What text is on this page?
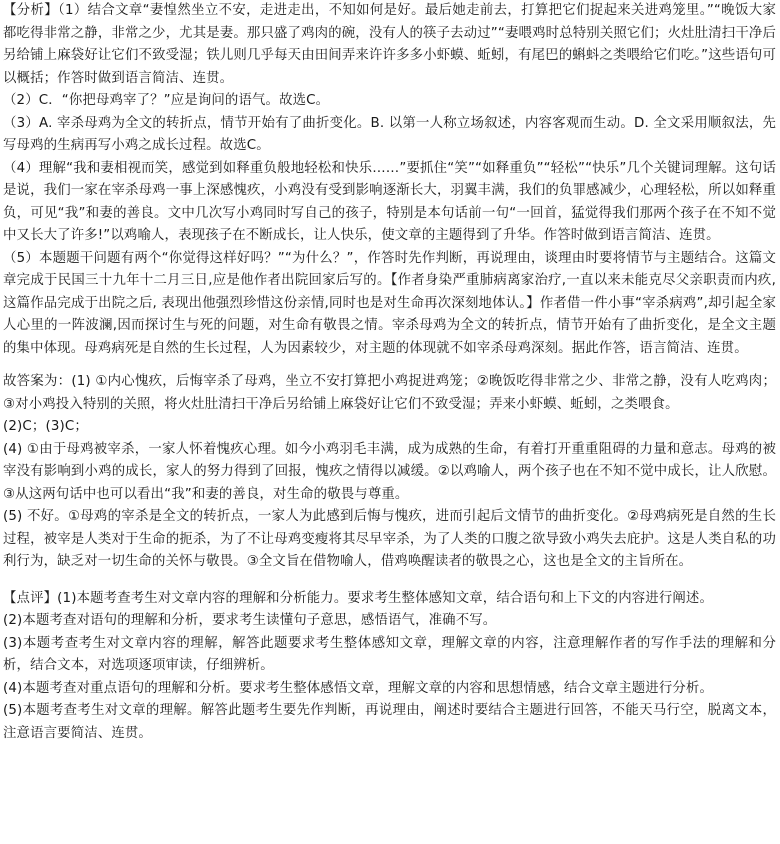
【分析】（1）结合文章“妻惶然坐立不安，走进走出，不知如何是好。最后她走前去，打算把它们捉起来关进鸡笼里。”“晚饭大家都吃得非常之静，非常之少，尤其是妻。那只盛了鸡肉的碗，没有人的筷子去动过”“妻喂鸡时总特别关照它们；火灶肚清扫干净后另给铺上麻袋好让它们不致受湿；铁儿则几乎每天由田间弄来许许多多小虾蟆、蚯蚓，有尾巴的蝌蚪之类喂给它们吃。”这些语句可以概括；作答时做到语言简洁、连贯。

（2）C．“你把母鸡宰了？”应是询问的语气。故选C。

（3）A. 宰杀母鸡为全文的转折点，情节开始有了曲折变化。B. 以第一人称立场叙述，内容客观而生动。D. 全文采用顺叙法，先写母鸡的生病再写小鸡之成长过程。故选C。

（4）理解“我和妻相视而笑，感觉到如释重负般地轻松和快乐……”要抓住“笑”“如释重负”“轻松”“快乐”几个关键词理解。这句话是说，我们一家在宰杀母鸡一事上深感愧疚，小鸡没有受到影响逐渐长大，羽翼丰满，我们的负罪感减少，心理轻松，所以如释重负，可见“我”和妻的善良。文中几次写小鸡同时写自己的孩子，特别是本句话前一句“一回首，猛觉得我们那两个孩子在不知不觉中又长大了许多!”以鸡喻人，表现孩子在不断成长，让人快乐，使文章的主题得到了升华。作答时做到语言简洁、连贯。

（5）本题题干问题有两个“你觉得这样好吗？”“为什么？”，作答时先作判断，再说理由，谈理由时要将情节与主题结合。这篇文章完成于民国三十九年十二月三日,应是他作者出院回家后写的。【作者身染严重肺病离家治疗,一直以来未能克尽父亲职责而内疚,这篇作品完成于出院之后, 表现出他强烈珍惜这份亲情,同时也是对生命再次深刻地体认。】作者借一件小事“宰杀病鸡”,却引起全家人心里的一阵波澜,因而探讨生与死的问题，对生命有敬畏之情。宰杀母鸡为全文的转折点，情节开始有了曲折变化，是全文主题的集中体现。母鸡病死是自然的生长过程，人为因素较少，对主题的体现就不如宰杀母鸡深刻。据此作答，语言简洁、连贯。

故答案为：(1) ①内心愧疚，后悔宰杀了母鸡，坐立不安打算把小鸡捉进鸡笼；②晚饭吃得非常之少、非常之静，没有人吃鸡肉；③对小鸡投入特别的关照，将火灶肚清扫干净后另给铺上麻袋好让它们不致受湿；弄来小虾蟆、蚯蚓，之类喂食。

(2)C；(3)C；

(4) ①由于母鸡被宰杀，一家人怀着愧疚心理。如今小鸡羽毛丰满，成为成熟的生命，有着打开重重阻碍的力量和意志。母鸡的被宰没有影响到小鸡的成长，家人的努力得到了回报，愧疚之情得以减缓。②以鸡喻人，两个孩子也在不知不觉中成长，让人欣慰。③从这两句话中也可以看出“我”和妻的善良，对生命的敬畏与尊重。

(5) 不好。①母鸡的宰杀是全文的转折点，一家人为此感到后悔与愧疚，进而引起后文情节的曲折变化。②母鸡病死是自然的生长过程，被宰是人类对于生命的扼杀，为了不让母鸡变瘦将其尽早宰杀，为了人类的口腹之欲导致小鸡失去庇护。这是人类自私的功利行为，缺乏对一切生命的关怀与敬畏。③全文旨在借物喻人，借鸡唤醒读者的敬畏之心，这也是全文的主旨所在。

【点评】(1)本题考查考生对文章内容的理解和分析能力。要求考生整体感知文章，结合语句和上下文的内容进行阐述。

(2)本题考查对语句的理解和分析，要求考生读懂句子意思，感悟语气，准确不写。

(3)本题考查考生对文章内容的理解，解答此题要求考生整体感知文章，理解文章的内容，注意理解作者的写作手法的理解和分析，结合文本，对选项逐项审读，仔细辨析。

(4)本题考查对重点语句的理解和分析。要求考生整体感悟文章，理解文章的内容和思想情感，结合文章主题进行分析。

(5)本题考查考生对文章的理解。解答此题考生要先作判断，再说理由，阐述时要结合主题进行回答，不能天马行空，脱离文本，注意语言要简洁、连贯。
